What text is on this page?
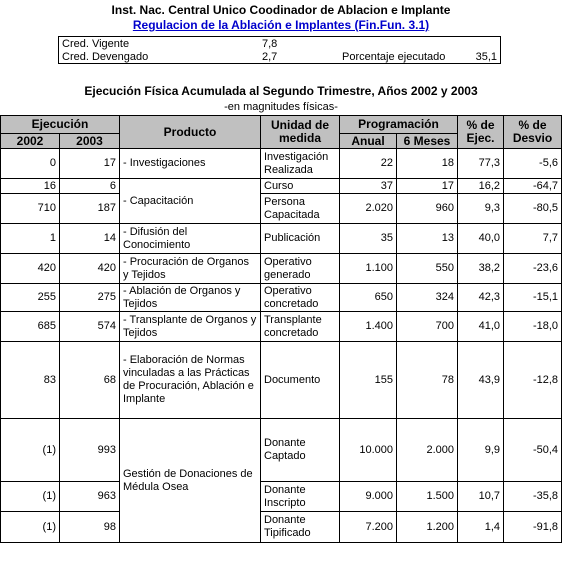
Inst. Nac. Central Unico Coodinador de Ablacion e Implante
Regulacion de la Ablación e Implantes (Fin.Fun. 3.1)
Cred. Vigente	7,8
Cred. Devengado	2,7	Porcentaje ejecutado	35,1
Ejecución Física Acumulada al Segundo Trimestre, Años 2002 y 2003
-en magnitudes físicas-
Ejecución		Producto	Unidad de medida	Programación		% de Ejec.	% de Desvio
2002	2003			Anual	6 Meses		
0	17	- Investigaciones	Investigación Realizada	22	18	77,3	-5,6
16	6	- Capacitación	Curso	37	17	16,2	-64,7
710	187		Persona Capacitada	2.020	960	9,3	-80,5
1	14	- Difusión del Conocimiento	Publicación	35	13	40,0	7,7
420	420	- Procuración de Organos y Tejidos	Operativo generado	1.100	550	38,2	-23,6
255	275	- Ablación de Organos y Tejidos	Operativo concretado	650	324	42,3	-15,1
685	574	- Transplante de Organos y Tejidos	Transplante concretado	1.400	700	41,0	-18,0
83	68	- Elaboración de Normas vinculadas a las Prácticas de Procuración, Ablación e Implante	Documento	155	78	43,9	-12,8
(1)	993	Gestión de Donaciones de Médula Osea	Donante Captado	10.000	2.000	9,9	-50,4
(1)	963		Donante Inscripto	9.000	1.500	10,7	-35,8
(1)	98		Donante Tipificado	7.200	1.200	1,4	-91,8
